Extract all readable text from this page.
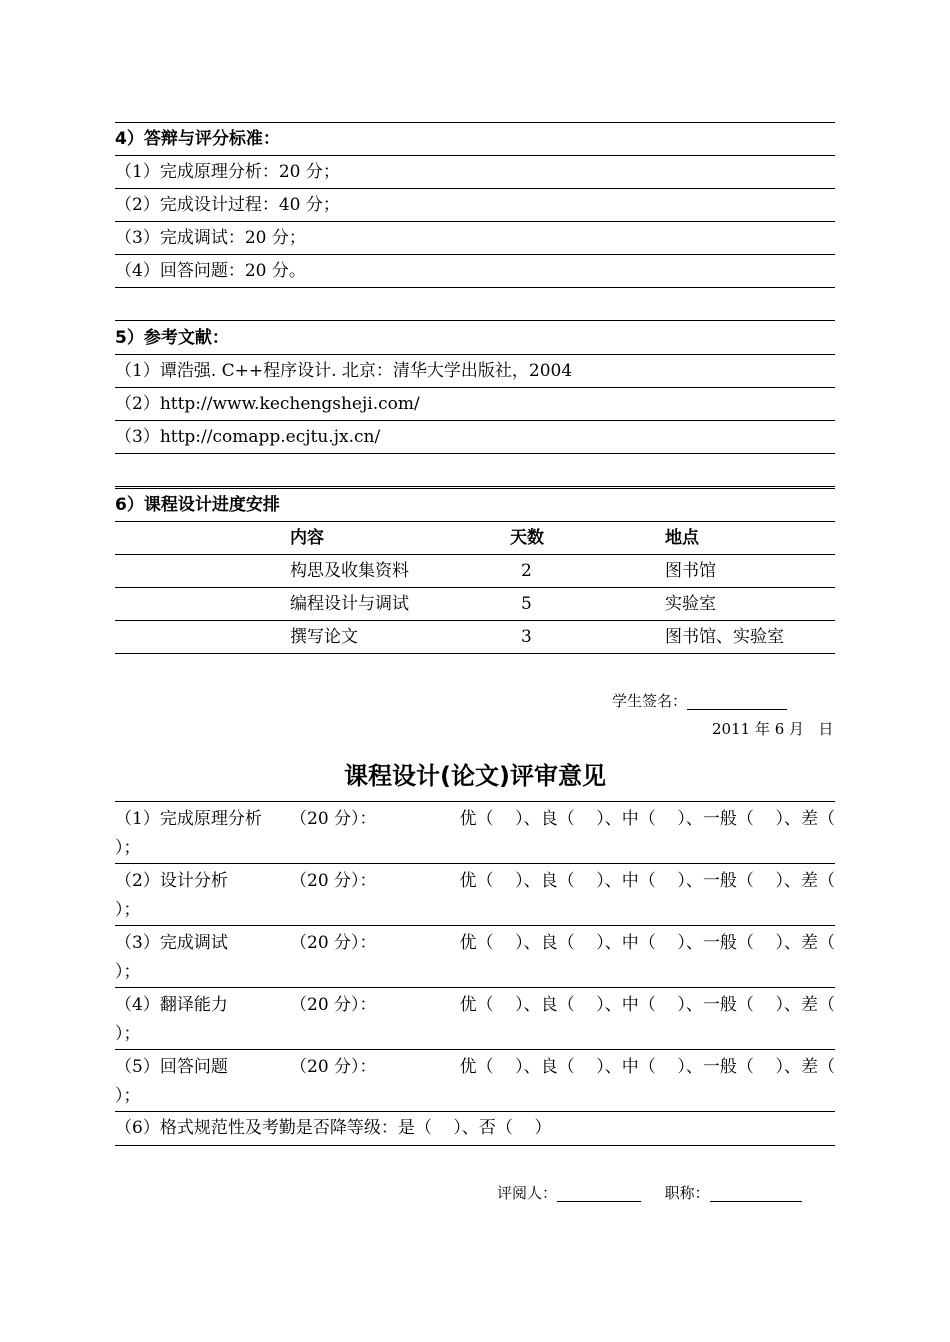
4）答辩与评分标准：
（1）完成原理分析：20 分；
（2）完成设计过程：40 分；
（3）完成调试：20 分；
（4）回答问题：20 分。
5）参考文献：
（1）谭浩强. C++程序设计. 北京：清华大学出版社，2004
（2）http://www.kechengsheji.com/
（3）http://comapp.ecjtu.jx.cn/
6）课程设计进度安排
内容	天数	地点
构思及收集资料	2	图书馆
编程设计与调试	5	实验室
撰写论文	3	图书馆、实验室
学生签名：
2011 年 6 月   日
课程设计(论文)评审意见
（1）完成原理分析 （20 分）：	优（    ）、良（    ）、中（    ）、一般（    ）、差（
）；
（2）设计分析	（20 分）：	优（    ）、良（    ）、中（    ）、一般（    ）、差（
）；
（3）完成调试	（20 分）：	优（    ）、良（    ）、中（    ）、一般（    ）、差（
）；
（4）翻译能力	（20 分）：	优（    ）、良（    ）、中（    ）、一般（    ）、差（
）；
（5）回答问题	（20 分）：	优（    ）、良（    ）、中（    ）、一般（    ）、差（
）；
（6）格式规范性及考勤是否降等级：是（    ）、否（    ）
评阅人：	职称：
